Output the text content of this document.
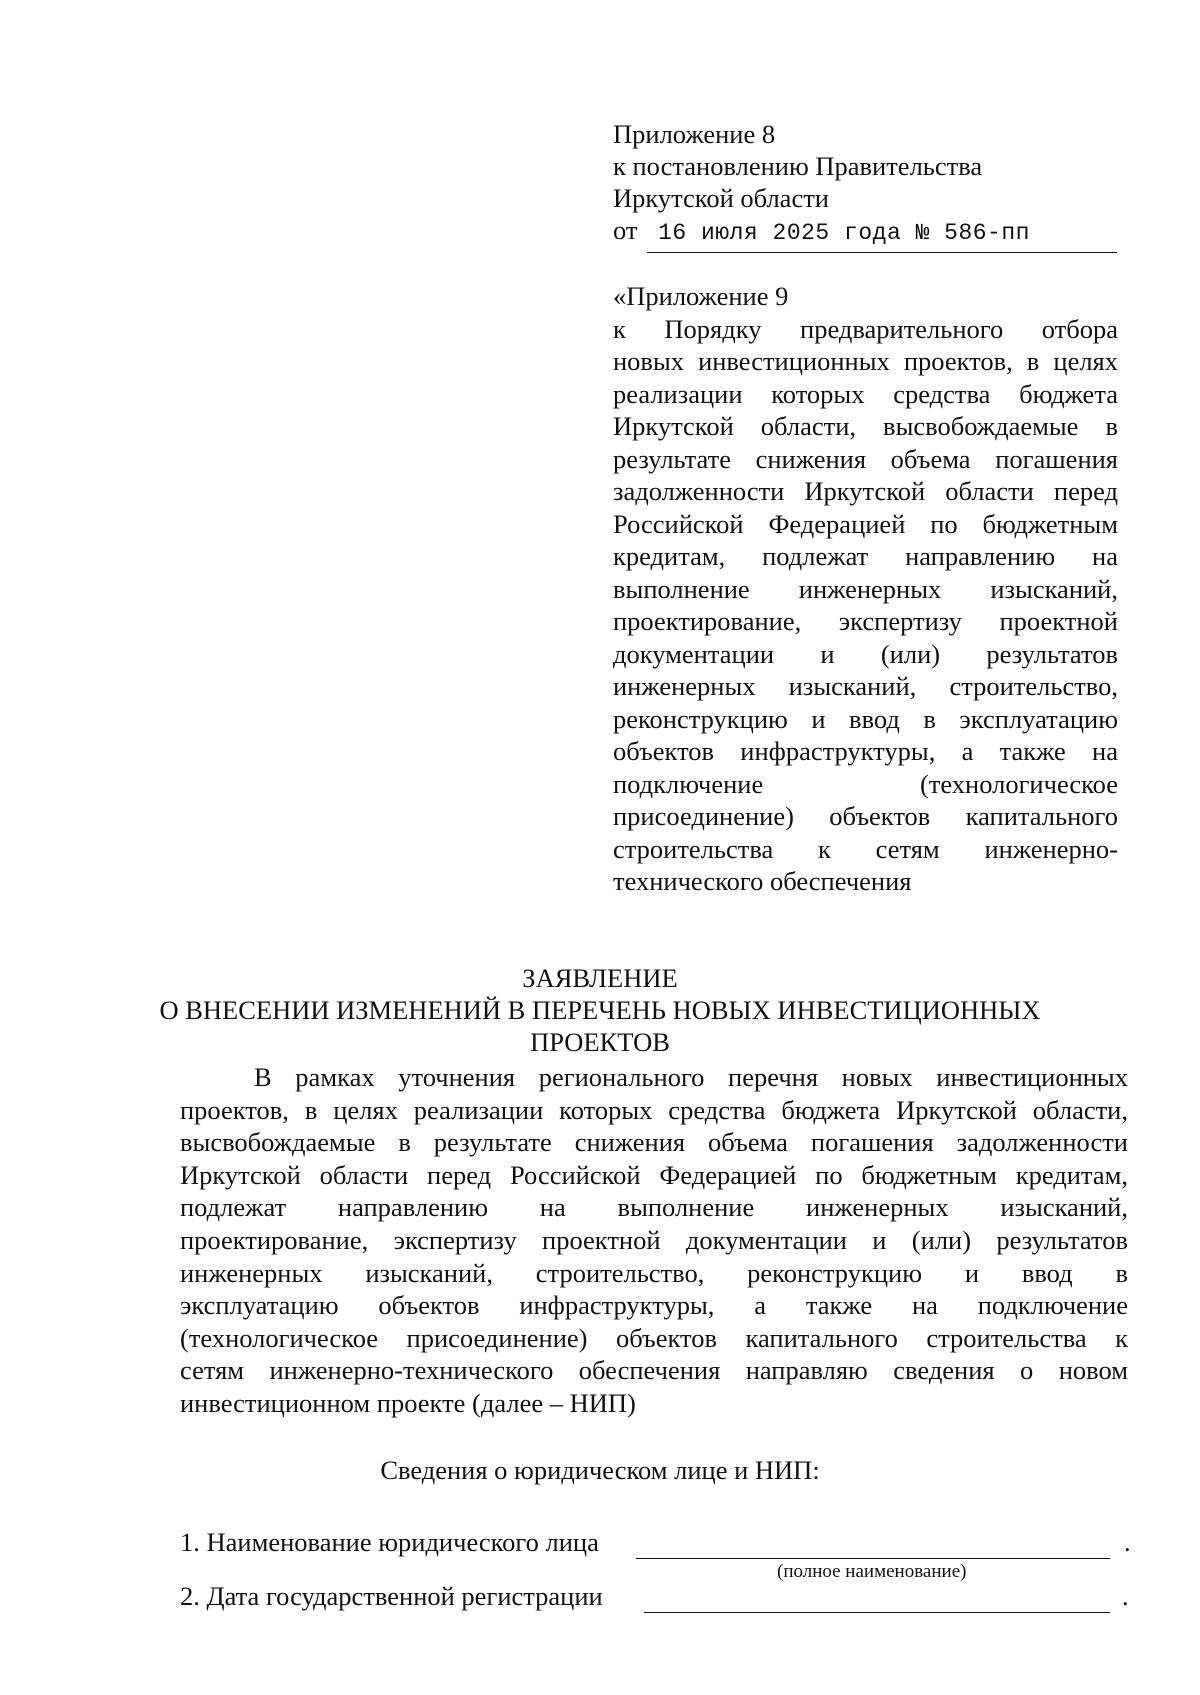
Приложение 8
к постановлению Правительства
Иркутской области
от 16 июля 2025 года № 586-пп
«Приложение 9
к Порядку предварительного отбора
новых инвестиционных проектов, в целях
реализации которых средства бюджета
Иркутской области, высвобождаемые в
результате снижения объема погашения
задолженности Иркутской области перед
Российской Федерацией по бюджетным
кредитам, подлежат направлению на
выполнение инженерных изысканий,
проектирование, экспертизу проектной
документации и (или) результатов
инженерных изысканий, строительство,
реконструкцию и ввод в эксплуатацию
объектов инфраструктуры, а также на
подключение (технологическое
присоединение) объектов капитального
строительства к сетям инженерно-
технического обеспечения
ЗАЯВЛЕНИЕ
О ВНЕСЕНИИ ИЗМЕНЕНИЙ В ПЕРЕЧЕНЬ НОВЫХ ИНВЕСТИЦИОННЫХ
ПРОЕКТОВ
В рамках уточнения регионального перечня новых инвестиционных
проектов, в целях реализации которых средства бюджета Иркутской области,
высвобождаемые в результате снижения объема погашения задолженности
Иркутской области перед Российской Федерацией по бюджетным кредитам,
подлежат направлению на выполнение инженерных изысканий,
проектирование, экспертизу проектной документации и (или) результатов
инженерных изысканий, строительство, реконструкцию и ввод в
эксплуатацию объектов инфраструктуры, а также на подключение
(технологическое присоединение) объектов капитального строительства к
сетям инженерно-технического обеспечения направляю сведения о новом
инвестиционном проекте (далее – НИП)
Сведения о юридическом лице и НИП:
1. Наименование юридического лица	.
(полное наименование)
2. Дата государственной регистрации	.
